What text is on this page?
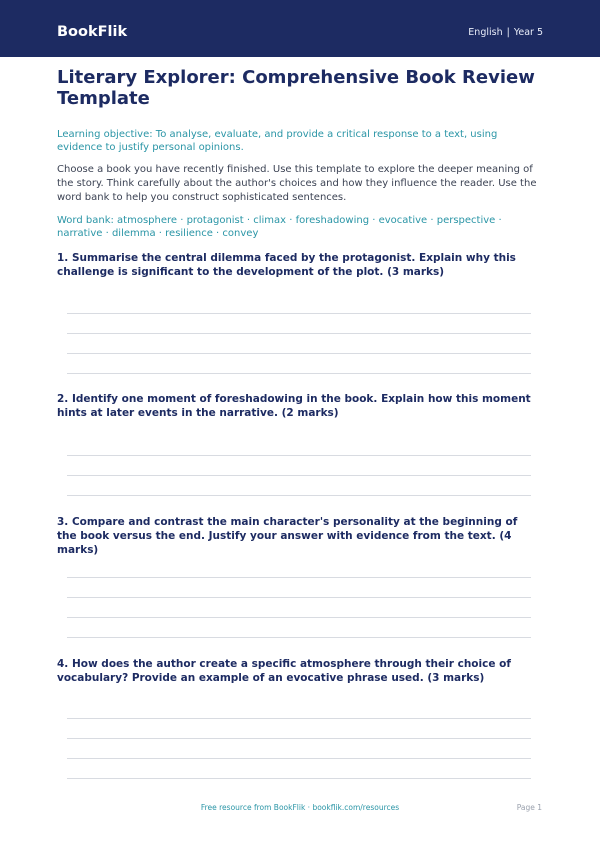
BookFlik	English | Year 5
Literary Explorer: Comprehensive Book Review Template

Learning objective: To analyse, evaluate, and provide a critical response to a text, using evidence to justify personal opinions.

Choose a book you have recently finished. Use this template to explore the deeper meaning of the story. Think carefully about the author's choices and how they influence the reader. Use the word bank to help you construct sophisticated sentences.

Word bank: atmosphere · protagonist · climax · foreshadowing · evocative · perspective · narrative · dilemma · resilience · convey

1. Summarise the central dilemma faced by the protagonist. Explain why this challenge is significant to the development of the plot. (3 marks)
2. Identify one moment of foreshadowing in the book. Explain how this moment hints at later events in the narrative. (2 marks)
3. Compare and contrast the main character's personality at the beginning of the book versus the end. Justify your answer with evidence from the text. (4 marks)
4. How does the author create a specific atmosphere through their choice of vocabulary? Provide an example of an evocative phrase used. (3 marks)
Free resource from BookFlik · bookflik.com/resources	Page 1
